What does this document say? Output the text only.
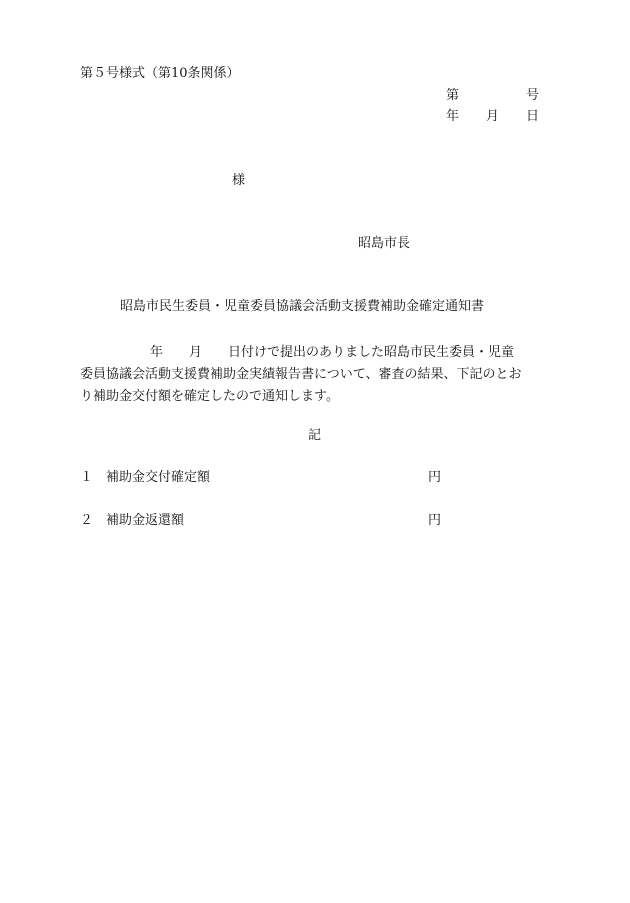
第５号様式（第10条関係）
第	号
年 月 日
様
昭島市長
昭島市民生委員・児童委員協議会活動支援費補助金確定通知書
年 月 日付けで提出のありました昭島市民生委員・児童
委員協議会活動支援費補助金実績報告書について、審査の結果、下記のとお
り補助金交付額を確定したので通知します。
記
１ 補助金交付確定額	円
２ 補助金返還額	円
